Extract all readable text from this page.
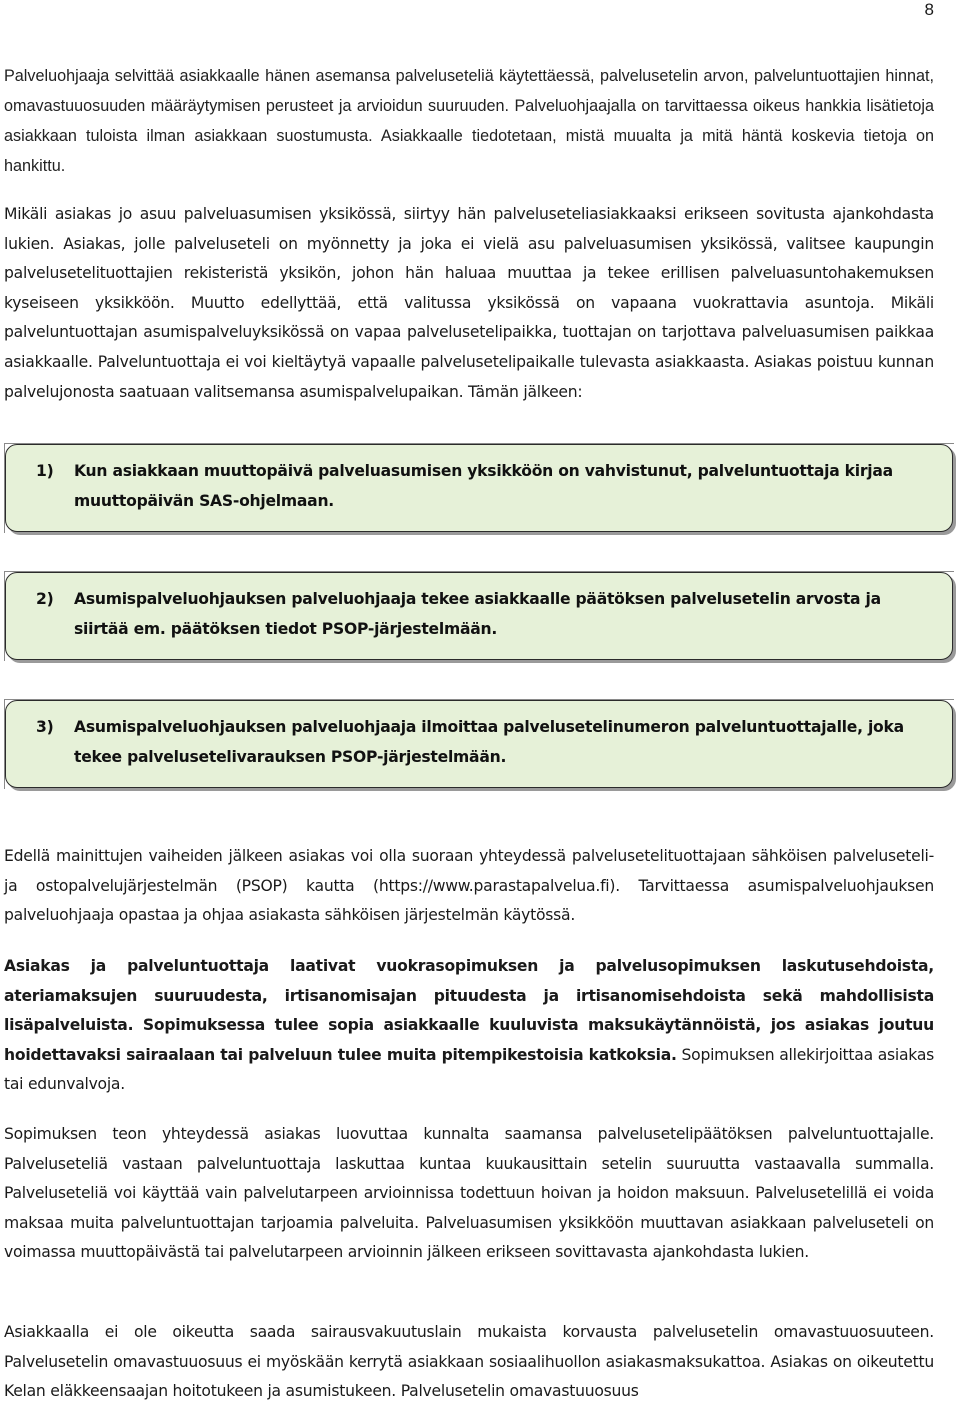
8

Palveluohjaaja selvittää asiakkaalle hänen asemansa palveluseteliä käytettäessä, palvelusetelin arvon, palveluntuottajien hinnat, omavastuuosuuden määräytymisen perusteet ja arvioidun suuruuden. Palveluohjaajalla on tarvittaessa oikeus hankkia lisätietoja asiakkaan tuloista ilman asiakkaan suostumusta. Asiakkaalle tiedotetaan, mistä muualta ja mitä häntä koskevia tietoja on hankittu.

Mikäli asiakas jo asuu palveluasumisen yksikössä, siirtyy hän palveluseteliasiakkaaksi erikseen sovitusta ajankohdasta lukien. Asiakas, jolle palveluseteli on myönnetty ja joka ei vielä asu palveluasumisen yksikössä, valitsee kaupungin palvelusetelituottajien rekisteristä yksikön, johon hän haluaa muuttaa ja tekee erillisen palveluasuntohakemuksen kyseiseen yksikköön. Muutto edellyttää, että valitussa yksikössä on vapaana vuokrattavia asuntoja. Mikäli palveluntuottajan asumispalveluyksikössä on vapaa palvelusetelipaikka, tuottajan on tarjottava palveluasumisen paikkaa asiakkaalle. Palveluntuottaja ei voi kieltäytyä vapaalle palvelusetelipaikalle tulevasta asiakkaasta. Asiakas poistuu kunnan palvelujonosta saatuaan valitsemansa asumispalvelupaikan. Tämän jälkeen:

1)	Kun asiakkaan muuttopäivä palveluasumisen yksikköön on vahvistunut, palveluntuottaja kirjaa muuttopäivän SAS-ohjelmaan.
2)	Asumispalveluohjauksen palveluohjaaja tekee asiakkaalle päätöksen palvelusetelin arvosta ja siirtää em. päätöksen tiedot PSOP-järjestelmään.
3)	Asumispalveluohjauksen palveluohjaaja ilmoittaa palvelusetelinumeron palveluntuottajalle, joka tekee palvelusetelivarauksen PSOP-järjestelmään.

Edellä mainittujen vaiheiden jälkeen asiakas voi olla suoraan yhteydessä palvelusetelituottajaan sähköisen palveluseteli- ja ostopalvelujärjestelmän (PSOP) kautta (https://www.parastapalvelua.fi). Tarvittaessa asumispalveluohjauksen palveluohjaaja opastaa ja ohjaa asiakasta sähköisen järjestelmän käytössä.

Asiakas ja palveluntuottaja laativat vuokrasopimuksen ja palvelusopimuksen laskutusehdoista, ateriamaksujen suuruudesta, irtisanomisajan pituudesta ja irtisanomisehdoista sekä mahdollisista lisäpalveluista. Sopimuksessa tulee sopia asiakkaalle kuuluvista maksukäytännöistä, jos asiakas joutuu hoidettavaksi sairaalaan tai palveluun tulee muita pitempikestoisia katkoksia. Sopimuksen allekirjoittaa asiakas tai edunvalvoja.

Sopimuksen teon yhteydessä asiakas luovuttaa kunnalta saamansa palvelusetelipäätöksen palveluntuottajalle. Palveluseteliä vastaan palveluntuottaja laskuttaa kuntaa kuukausittain setelin suuruutta vastaavalla summalla. Palveluseteliä voi käyttää vain palvelutarpeen arvioinnissa todettuun hoivan ja hoidon maksuun. Palvelusetelillä ei voida maksaa muita palveluntuottajan tarjoamia palveluita. Palveluasumisen yksikköön muuttavan asiakkaan palveluseteli on voimassa muuttopäivästä tai palvelutarpeen arvioinnin jälkeen erikseen sovittavasta ajankohdasta lukien.

Asiakkaalla ei ole oikeutta saada sairausvakuutuslain mukaista korvausta palvelusetelin omavastuuosuuteen. Palvelusetelin omavastuuosuus ei myöskään kerrytä asiakkaan sosiaalihuollon asiakasmaksukattoa. Asiakas on oikeutettu Kelan eläkkeensaajan hoitotukeen ja asumistukeen. Palvelusetelin omavastuuosuus
